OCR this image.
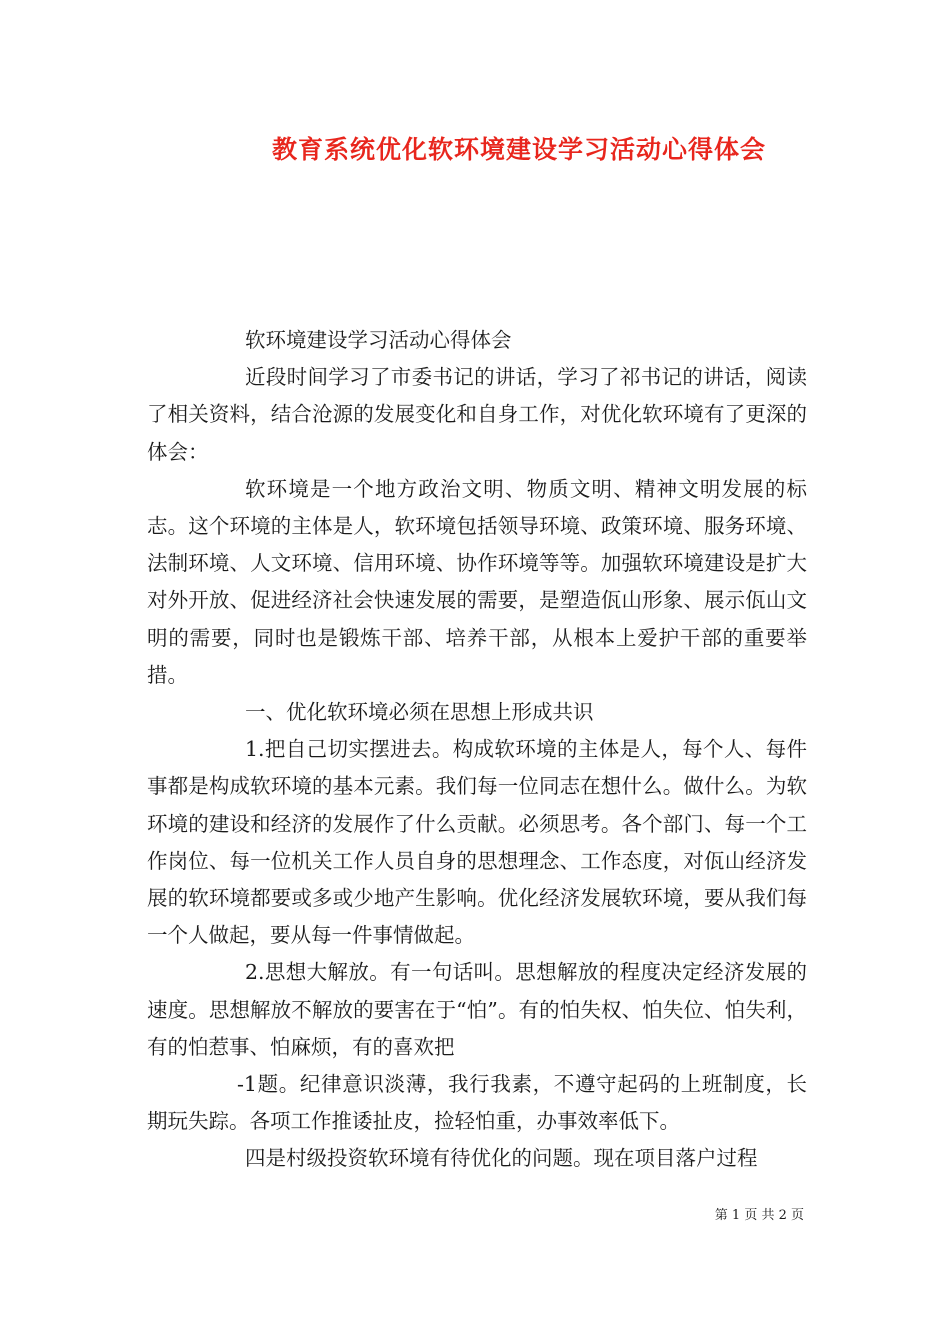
教育系统优化软环境建设学习活动心得体会

软环境建设学习活动心得体会

近段时间学习了市委书记的讲话，学习了祁书记的讲话，阅读了相关资料，结合沧源的发展变化和自身工作，对优化软环境有了更深的体会：

软环境是一个地方政治文明、物质文明、精神文明发展的标志。这个环境的主体是人，软环境包括领导环境、政策环境、服务环境、法制环境、人文环境、信用环境、协作环境等等。加强软环境建设是扩大对外开放、促进经济社会快速发展的需要，是塑造佤山形象、展示佤山文明的需要，同时也是锻炼干部、培养干部，从根本上爱护干部的重要举措。

一、优化软环境必须在思想上形成共识

1.把自己切实摆进去。构成软环境的主体是人，每个人、每件事都是构成软环境的基本元素。我们每一位同志在想什么。做什么。为软环境的建设和经济的发展作了什么贡献。必须思考。各个部门、每一个工作岗位、每一位机关工作人员自身的思想理念、工作态度，对佤山经济发展的软环境都要或多或少地产生影响。优化经济发展软环境，要从我们每一个人做起，要从每一件事情做起。

2.思想大解放。有一句话叫。思想解放的程度决定经济发展的速度。思想解放不解放的要害在于“怕”。有的怕失权、怕失位、怕失利，有的怕惹事、怕麻烦，有的喜欢把

-1题。纪律意识淡薄，我行我素，不遵守起码的上班制度，长期玩失踪。各项工作推诿扯皮，捡轻怕重，办事效率低下。

四是村级投资软环境有待优化的问题。现在项目落户过程

第 1 页 共 2 页
